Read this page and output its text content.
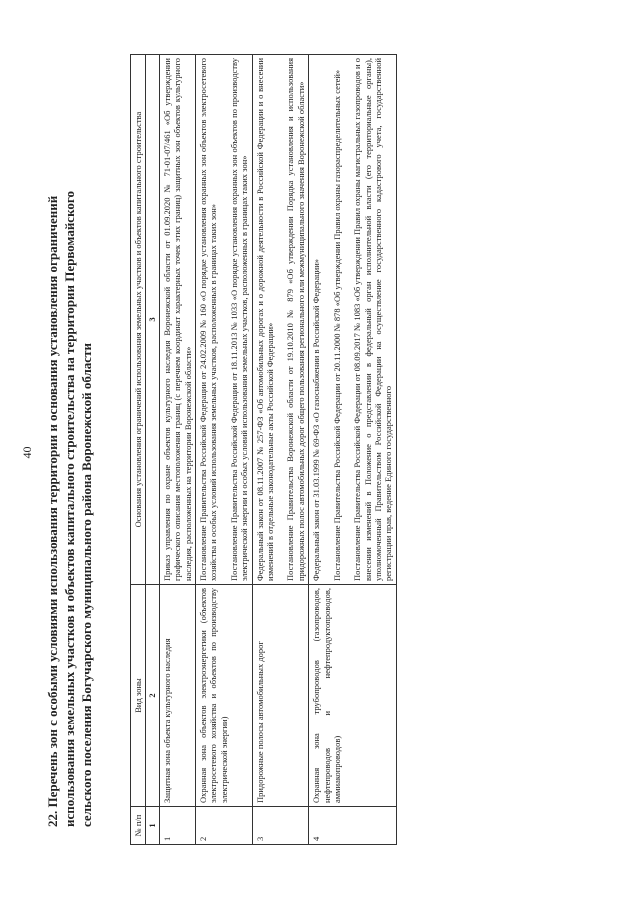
40 22. Перечень зон с особыми условиями использования территории и основания установления ограничений использования земельных участков и объектов капитального строительства на территории Первомайского сельского поселения Богучарского муниципального района Воронежской области	№ п/п	Вид зоны	Основания установления ограничений использования земельных участков и объектов капитального строительства
1	2	3
1	Защитная зона объекта культурного наследия	Приказ управления по охране объектов культурного наследия Воронежской области от 01.09.2020 № 71-01-07/461 «Об утверждении графического описания местоположения границ (с перечнем координат характерных точек этих границ) защитных зон объектов культурного наследия, расположенных на территории Воронежской области»

2	Охранная зона объектов электроэнергетики (объектов электросетевого хозяйства и объектов по производству электрической энергии)	Постановление Правительства Российской Федерации от 24.02.2009 № 160 «О порядке установления охранных зон объектов электросетевого хозяйства и особых условий использования земельных участков, расположенных в границах таких зон» Постановление Правительства Российской Федерации от 18.11.2013 № 1033 «О порядке установления охранных зон объектов по производству электрической энергии и особых условий использования земельных участков, расположенных в границах таких зон»

3	Придорожные полосы автомобильных дорог	Федеральный закон от 08.11.2007 № 257-ФЗ «Об автомобильных дорогах и о дорожной деятельности в Российской Федерации и о внесении изменений в отдельные законодательные акты Российской Федерации» Постановление Правительства Воронежской области от 19.10.2010 № 879 «Об утверждении Порядка установления и использования придорожных полос автомобильных дорог общего пользования регионального или межмуниципального значения Воронежской области»

4	Охранная зона трубопроводов (газопроводов, нефтепроводов и нефтепродуктопроводов, аммиакопроводов)	Федеральный закон от 31.03.1999 № 69-ФЗ «О газоснабжении в Российской Федерации» Постановление Правительства Российской Федерации от 20.11.2000 № 878 «Об утверждении Правил охраны газораспределительных сетей» Постановление Правительства Российской Федерации от 08.09.2017 № 1083 «Об утверждении Правил охраны магистральных газопроводов и о внесении изменений в Положение о представлении в федеральный орган исполнительной власти (его территориальные органы), уполномоченный Правительством Российской Федерации на осуществление государственного кадастрового учета, государственной регистрации прав, ведение Единого государственного
